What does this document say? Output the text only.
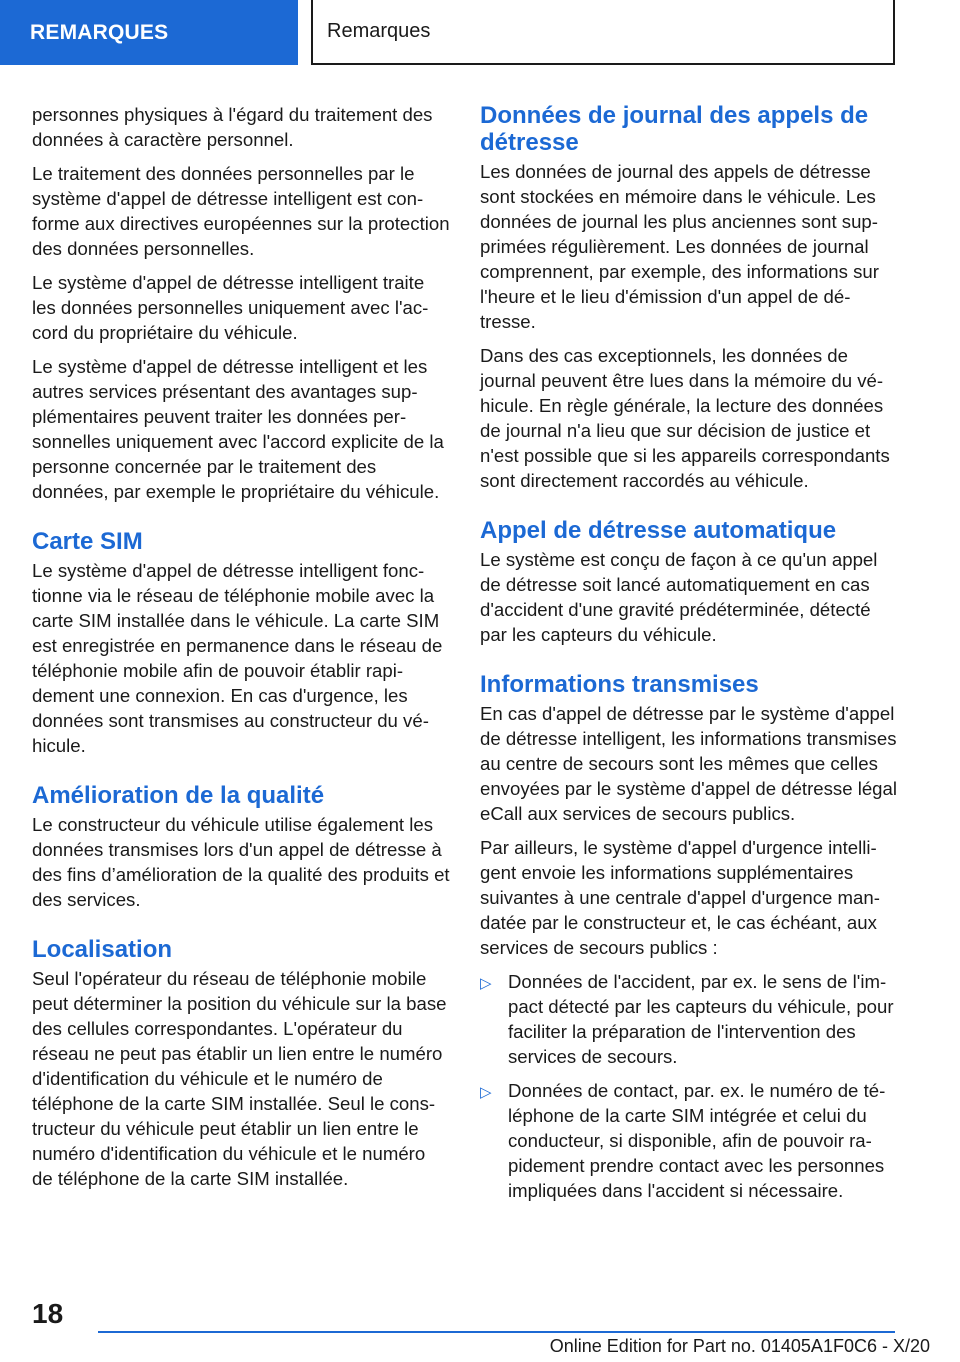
REMARQUES	Remarques

personnes physiques à l'égard du traitement des données à caractère personnel.

Le traitement des données personnelles par le système d'appel de détresse intelligent est conforme aux directives européennes sur la protection des données personnelles.

Le système d'appel de détresse intelligent traite les données personnelles uniquement avec l'accord du propriétaire du véhicule.

Le système d'appel de détresse intelligent et les autres services présentant des avantages supplémentaires peuvent traiter les données personnelles uniquement avec l'accord explicite de la personne concernée par le traitement des données, par exemple le propriétaire du véhicule.

Carte SIM

Le système d'appel de détresse intelligent fonctionne via le réseau de téléphonie mobile avec la carte SIM installée dans le véhicule. La carte SIM est enregistrée en permanence dans le réseau de téléphonie mobile afin de pouvoir établir rapidement une connexion. En cas d'urgence, les données sont transmises au constructeur du véhicule.

Amélioration de la qualité

Le constructeur du véhicule utilise également les données transmises lors d'un appel de détresse à des fins d’amélioration de la qualité des produits et des services.

Localisation

Seul l'opérateur du réseau de téléphonie mobile peut déterminer la position du véhicule sur la base des cellules correspondantes. L'opérateur du réseau ne peut pas établir un lien entre le numéro d'identification du véhicule et le numéro de téléphone de la carte SIM installée. Seul le constructeur du véhicule peut établir un lien entre le numéro d'identification du véhicule et le numéro de téléphone de la carte SIM installée.

Données de journal des appels de détresse

Les données de journal des appels de détresse sont stockées en mémoire dans le véhicule. Les données de journal les plus anciennes sont supprimées régulièrement. Les données de journal comprennent, par exemple, des informations sur l'heure et le lieu d'émission d'un appel de détresse.

Dans des cas exceptionnels, les données de journal peuvent être lues dans la mémoire du véhicule. En règle générale, la lecture des données de journal n'a lieu que sur décision de justice et n'est possible que si les appareils correspondants sont directement raccordés au véhicule.

Appel de détresse automatique

Le système est conçu de façon à ce qu'un appel de détresse soit lancé automatiquement en cas d'accident d'une gravité prédéterminée, détecté par les capteurs du véhicule.

Informations transmises

En cas d'appel de détresse par le système d'appel de détresse intelligent, les informations transmises au centre de secours sont les mêmes que celles envoyées par le système d'appel de détresse légal eCall aux services de secours publics.

Par ailleurs, le système d'appel d'urgence intelligent envoie les informations supplémentaires suivantes à une centrale d'appel d'urgence mandatée par le constructeur et, le cas échéant, aux services de secours publics :

▷ Données de l'accident, par ex. le sens de l'impact détecté par les capteurs du véhicule, pour faciliter la préparation de l'intervention des services de secours.
▷ Données de contact, par. ex. le numéro de téléphone de la carte SIM intégrée et celui du conducteur, si disponible, afin de pouvoir rapidement prendre contact avec les personnes impliquées dans l'accident si nécessaire.
18
Online Edition for Part no. 01405A1F0C6 - X/20
